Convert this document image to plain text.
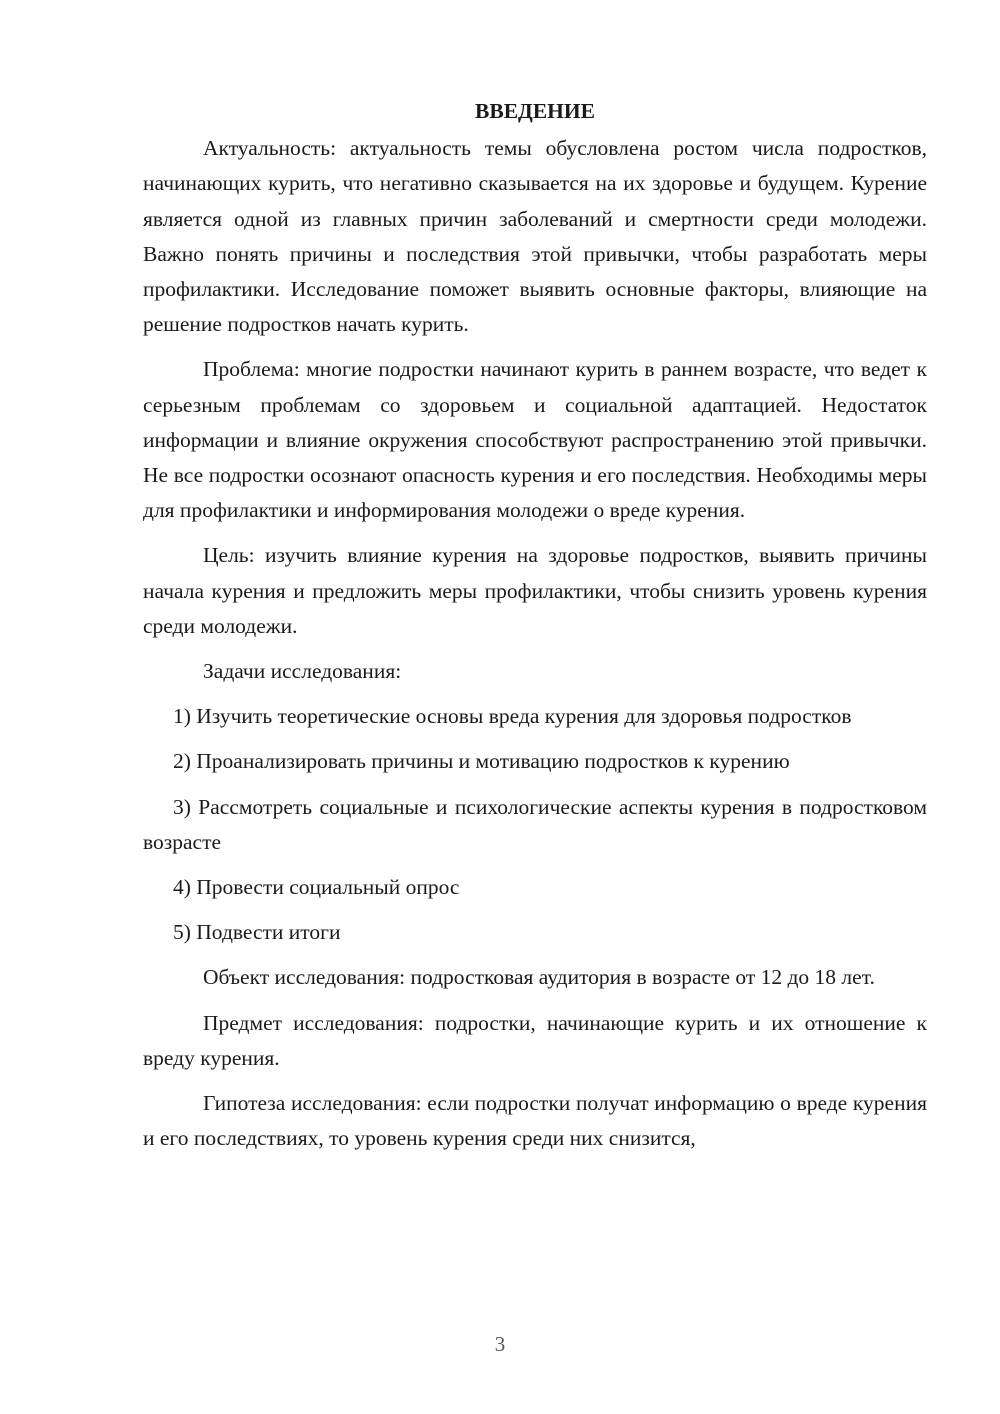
ВВЕДЕНИЕ

Актуальность: актуальность темы обусловлена ростом числа подростков, начинающих курить, что негативно сказывается на их здоровье и будущем. Курение является одной из главных причин заболеваний и смертности среди молодежи. Важно понять причины и последствия этой привычки, чтобы разработать меры профилактики. Исследование поможет выявить основные факторы, влияющие на решение подростков начать курить.

Проблема: многие подростки начинают курить в раннем возрасте, что ведет к серьезным проблемам со здоровьем и социальной адаптацией. Недостаток информации и влияние окружения способствуют распространению этой привычки. Не все подростки осознают опасность курения и его последствия. Необходимы меры для профилактики и информирования молодежи о вреде курения.

Цель: изучить влияние курения на здоровье подростков, выявить причины начала курения и предложить меры профилактики, чтобы снизить уровень курения среди молодежи.

Задачи исследования:

1) Изучить теоретические основы вреда курения для здоровья подростков

2) Проанализировать причины и мотивацию подростков к курению

3) Рассмотреть социальные и психологические аспекты курения в подростковом возрасте

4) Провести социальный опрос

5) Подвести итоги

Объект исследования: подростковая аудитория в возрасте от 12 до 18 лет.

Предмет исследования: подростки, начинающие курить и их отношение к вреду курения.

Гипотеза исследования: если подростки получат информацию о вреде курения и его последствиях, то уровень курения среди них снизится,

3
